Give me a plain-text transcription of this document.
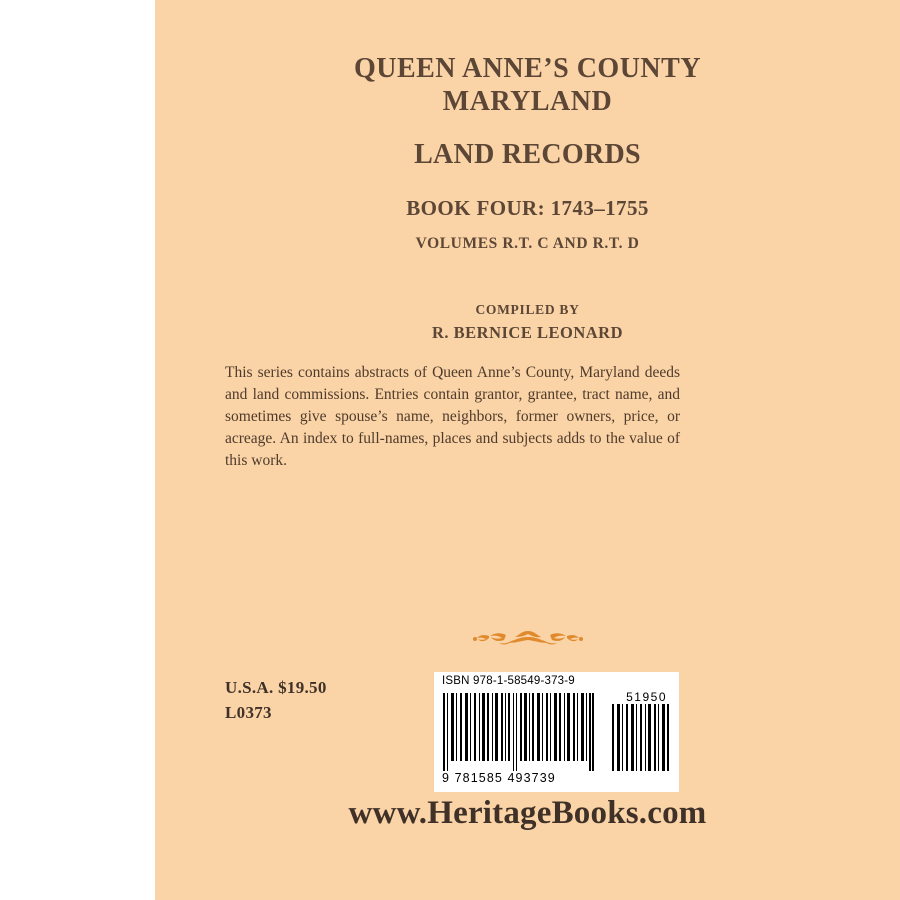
QUEEN ANNE’S COUNTY
MARYLAND
LAND RECORDS
BOOK FOUR: 1743–1755
VOLUMES R.T. C AND R.T. D
COMPILED BY
R. BERNICE LEONARD
This series contains abstracts of Queen Anne’s County, Maryland deeds and land commissions. Entries contain grantor, grantee, tract name, and sometimes give spouse’s name, neighbors, former owners, price, or acreage. An index to full-names, places and subjects adds to the value of this work.
U.S.A. $19.50
L0373
ISBN 978-1-58549-373-9
51950
9 781585 493739
www.HeritageBooks.com
